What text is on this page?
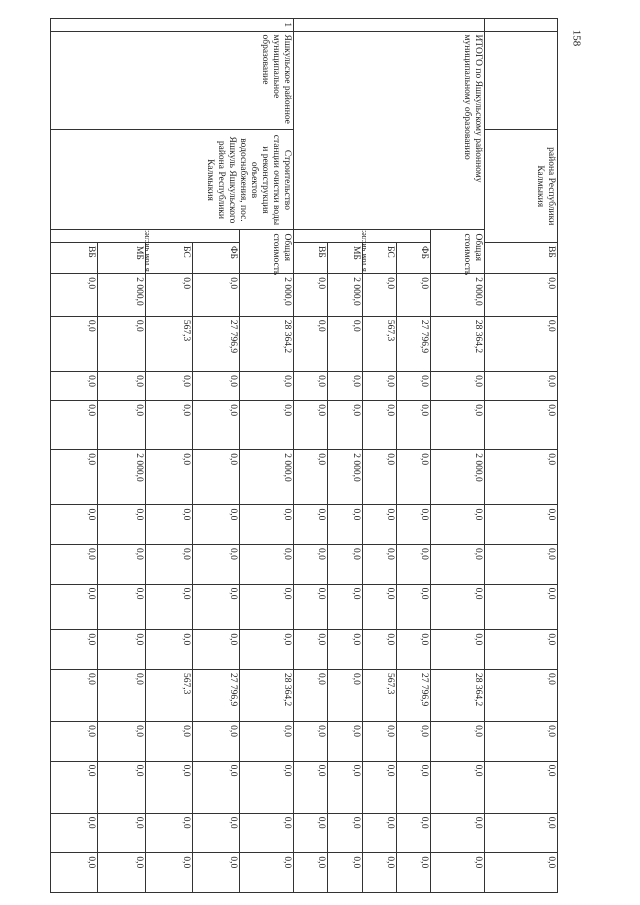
158
		района Республики Калмыкия		ВБ	0,0	0,0	0,0	0,0	0,0	0,0	0,0	0,0	0,0	0,0	0,0	0,0	0,0	0,0
	ИТОГО по Яшкульскому районному муниципальному образованию		Общая стоимость		2 000,0	28 364,2	0,0	0,0	2 000,0	0,0	0,0	0,0	0,0	28 364,2	0,0	0,0	0,0	0,0
			в том числе:	ФБ	0,0	27 796,9	0,0	0,0	0,0	0,0	0,0	0,0	0,0	27 796,9	0,0	0,0	0,0	0,0
				БС	0,0	567,3	0,0	0,0	0,0	0,0	0,0	0,0	0,0	567,3	0,0	0,0	0,0	0,0
				МБ	2 000,0	0,0	0,0	0,0	2 000,0	0,0	0,0	0,0	0,0	0,0	0,0	0,0	0,0	0,0
				ВБ	0,0	0,0	0,0	0,0	0,0	0,0	0,0	0,0	0,0	0,0	0,0	0,0	0,0	0,0
1	Яшкульское районное муниципальное образование	Строительство станции очистки воды и реконструкция объектов водоснабжения, пос. Яшкуль Яшкульского района Республики Калмыкия	Общая стоимость		2 000,0	28 364,2	0,0	0,0	2 000,0	0,0	0,0	0,0	0,0	28 364,2	0,0	0,0	0,0	0,0
			в том числе:	ФБ	0,0	27 796,9	0,0	0,0	0,0	0,0	0,0	0,0	0,0	27 796,9	0,0	0,0	0,0	0,0
				БС	0,0	567,3	0,0	0,0	0,0	0,0	0,0	0,0	0,0	567,3	0,0	0,0	0,0	0,0
				МБ	2 000,0	0,0	0,0	0,0	2 000,0	0,0	0,0	0,0	0,0	0,0	0,0	0,0	0,0	0,0
				ВБ	0,0	0,0	0,0	0,0	0,0	0,0	0,0	0,0	0,0	0,0	0,0	0,0	0,0	0,0
